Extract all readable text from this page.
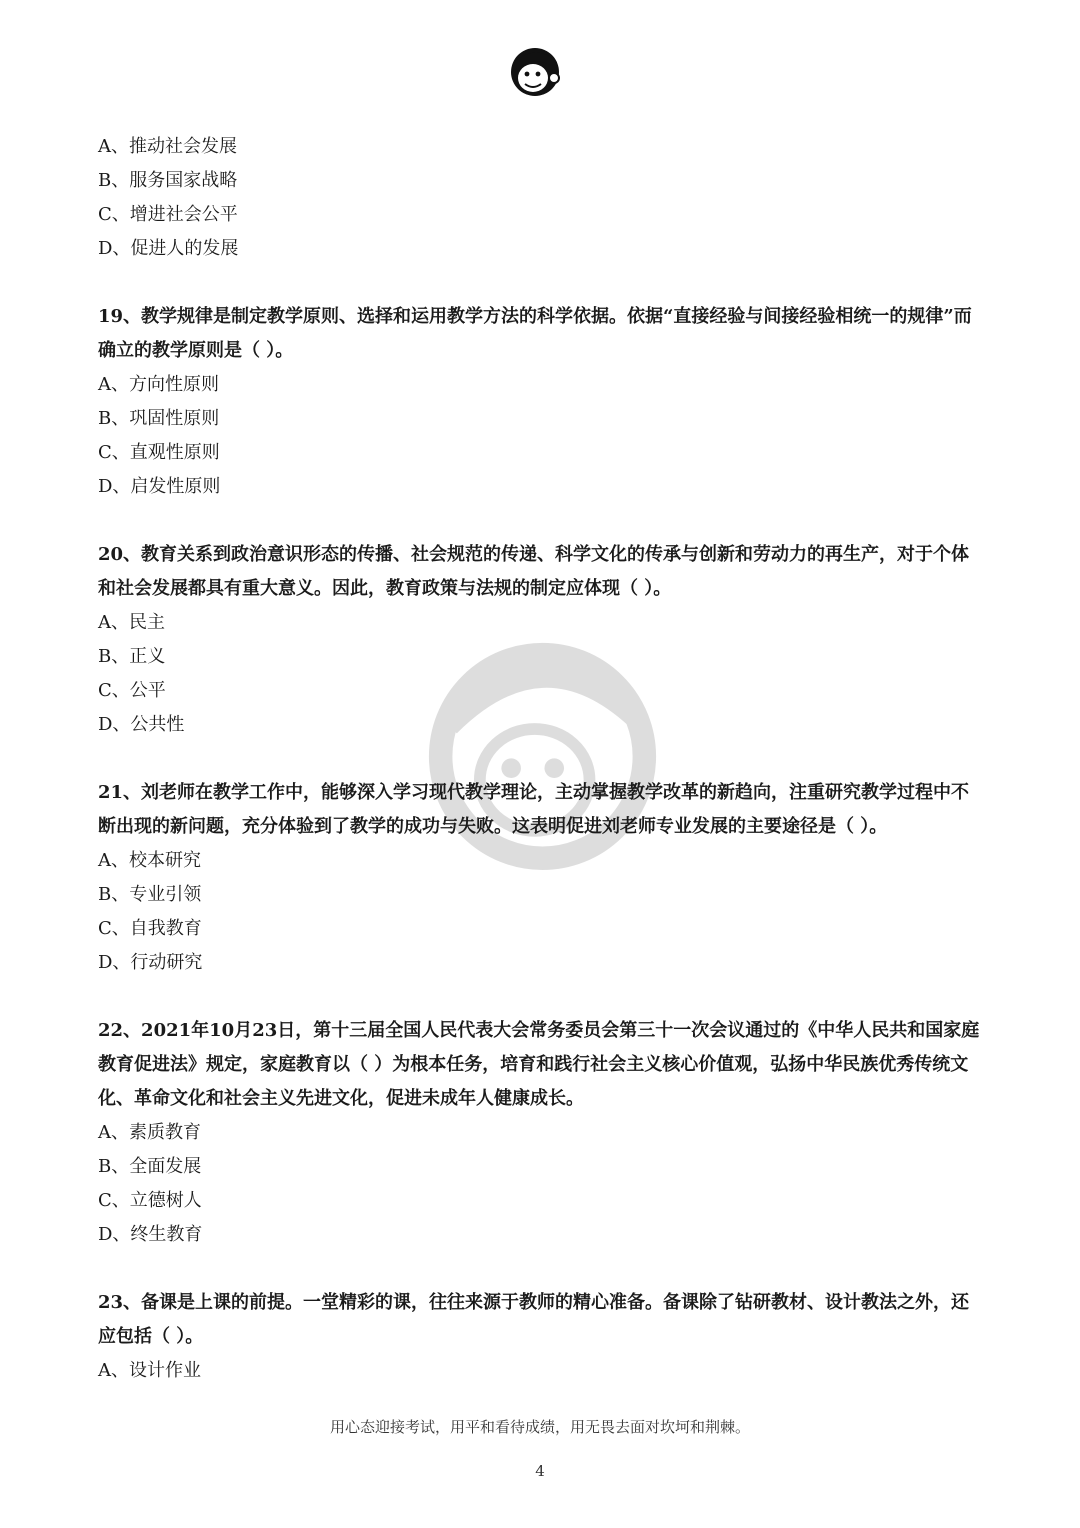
A、推动社会发展

B、服务国家战略

C、增进社会公平

D、促进人的发展

19、教学规律是制定教学原则、选择和运用教学方法的科学依据。依据“直接经验与间接经验相统一的规律”而确立的教学原则是（ ）。

A、方向性原则

B、巩固性原则

C、直观性原则

D、启发性原则

20、教育关系到政治意识形态的传播、社会规范的传递、科学文化的传承与创新和劳动力的再生产，对于个体和社会发展都具有重大意义。因此，教育政策与法规的制定应体现（ ）。

A、民主

B、正义

C、公平

D、公共性

21、刘老师在教学工作中，能够深入学习现代教学理论，主动掌握教学改革的新趋向，注重研究教学过程中不断出现的新问题，充分体验到了教学的成功与失败。这表明促进刘老师专业发展的主要途径是（ ）。

A、校本研究

B、专业引领

C、自我教育

D、行动研究

22、2021年10月23日，第十三届全国人民代表大会常务委员会第三十一次会议通过的《中华人民共和国家庭教育促进法》规定，家庭教育以（ ）为根本任务，培育和践行社会主义核心价值观，弘扬中华民族优秀传统文化、革命文化和社会主义先进文化，促进未成年人健康成长。

A、素质教育

B、全面发展

C、立德树人

D、终生教育

23、备课是上课的前提。一堂精彩的课，往往来源于教师的精心准备。备课除了钻研教材、设计教法之外，还应包括（ ）。

A、设计作业

用心态迎接考试，用平和看待成绩，用无畏去面对坎坷和荆棘。
4
